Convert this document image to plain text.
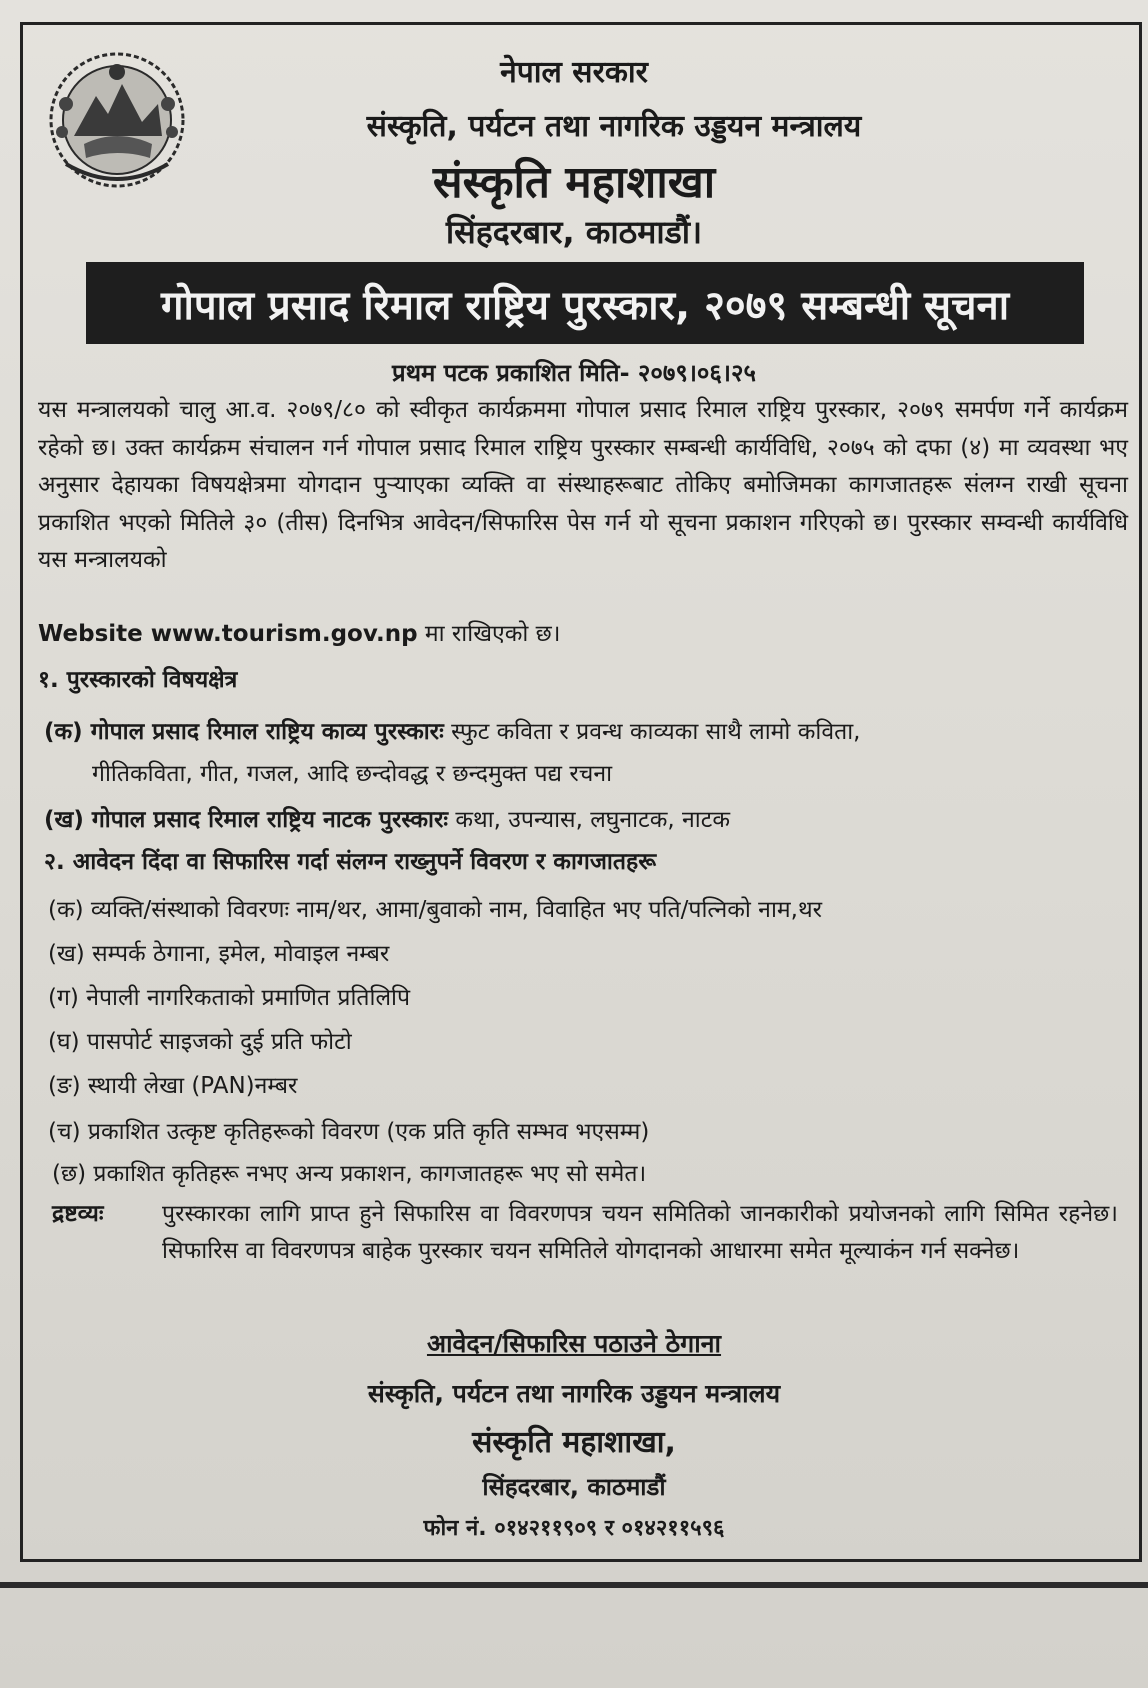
नेपाल सरकार
संस्कृति, पर्यटन तथा नागरिक उड्डयन मन्त्रालय
संस्कृति महाशाखा
सिंहदरबार, काठमाडौं।
गोपाल प्रसाद रिमाल राष्ट्रिय पुरस्कार, २०७९ सम्बन्धी सूचना
प्रथम पटक प्रकाशित मिति- २०७९।०६।२५
यस मन्त्रालयको चालु आ.व. २०७९/८० को स्वीकृत कार्यक्रममा गोपाल प्रसाद रिमाल राष्ट्रिय पुरस्कार, २०७९ समर्पण गर्ने कार्यक्रम रहेको छ। उक्त कार्यक्रम संचालन गर्न गोपाल प्रसाद रिमाल राष्ट्रिय पुरस्कार सम्बन्धी कार्यविधि, २०७५ को दफा (४) मा व्यवस्था भए अनुसार देहायका विषयक्षेत्रमा योगदान पुऱ्याएका व्यक्ति वा संस्थाहरूबाट तोकिए बमोजिमका कागजातहरू संलग्न राखी सूचना प्रकाशित भएको मितिले ३० (तीस) दिनभित्र आवेदन/सिफारिस पेस गर्न यो सूचना प्रकाशन गरिएको छ। पुरस्कार सम्वन्धी कार्यविधि यस मन्त्रालयको
Website www.tourism.gov.np मा राखिएको छ।
१. पुरस्कारको विषयक्षेत्र
(क) गोपाल प्रसाद रिमाल राष्ट्रिय काव्य पुरस्कारः स्फुट कविता र प्रवन्ध काव्यका साथै लामो कविता,
गीतिकविता, गीत, गजल, आदि छन्दोवद्ध र छन्दमुक्त पद्य रचना
(ख) गोपाल प्रसाद रिमाल राष्ट्रिय नाटक पुरस्कारः कथा, उपन्यास, लघुनाटक, नाटक
२. आवेदन दिंदा वा सिफारिस गर्दा संलग्न राख्नुपर्ने विवरण र कागजातहरू
(क) व्यक्ति/संस्थाको विवरणः नाम/थर, आमा/बुवाको नाम, विवाहित भए पति/पत्निको नाम,थर
(ख) सम्पर्क ठेगाना, इमेल, मोवाइल नम्बर
(ग) नेपाली नागरिकताको प्रमाणित प्रतिलिपि
(घ) पासपोर्ट साइजको दुई प्रति फोटो
(ङ) स्थायी लेखा (PAN)नम्बर
(च) प्रकाशित उत्कृष्ट कृतिहरूको विवरण (एक प्रति कृति सम्भव भएसम्म)
(छ) प्रकाशित कृतिहरू नभए अन्य प्रकाशन, कागजातहरू भए सो समेत।
द्रष्टव्यः	पुरस्कारका लागि प्राप्त हुने सिफारिस वा विवरणपत्र चयन समितिको जानकारीको प्रयोजनको लागि सिमित रहनेछ। सिफारिस वा विवरणपत्र बाहेक पुरस्कार चयन समितिले योगदानको आधारमा समेत मूल्याकंन गर्न सक्नेछ।
आवेदन/सिफारिस पठाउने ठेगाना
संस्कृति, पर्यटन तथा नागरिक उड्डयन मन्त्रालय
संस्कृति महाशाखा,
सिंहदरबार, काठमाडौं
फोन नं. ०१४२११९०९ र ०१४२११५९६
